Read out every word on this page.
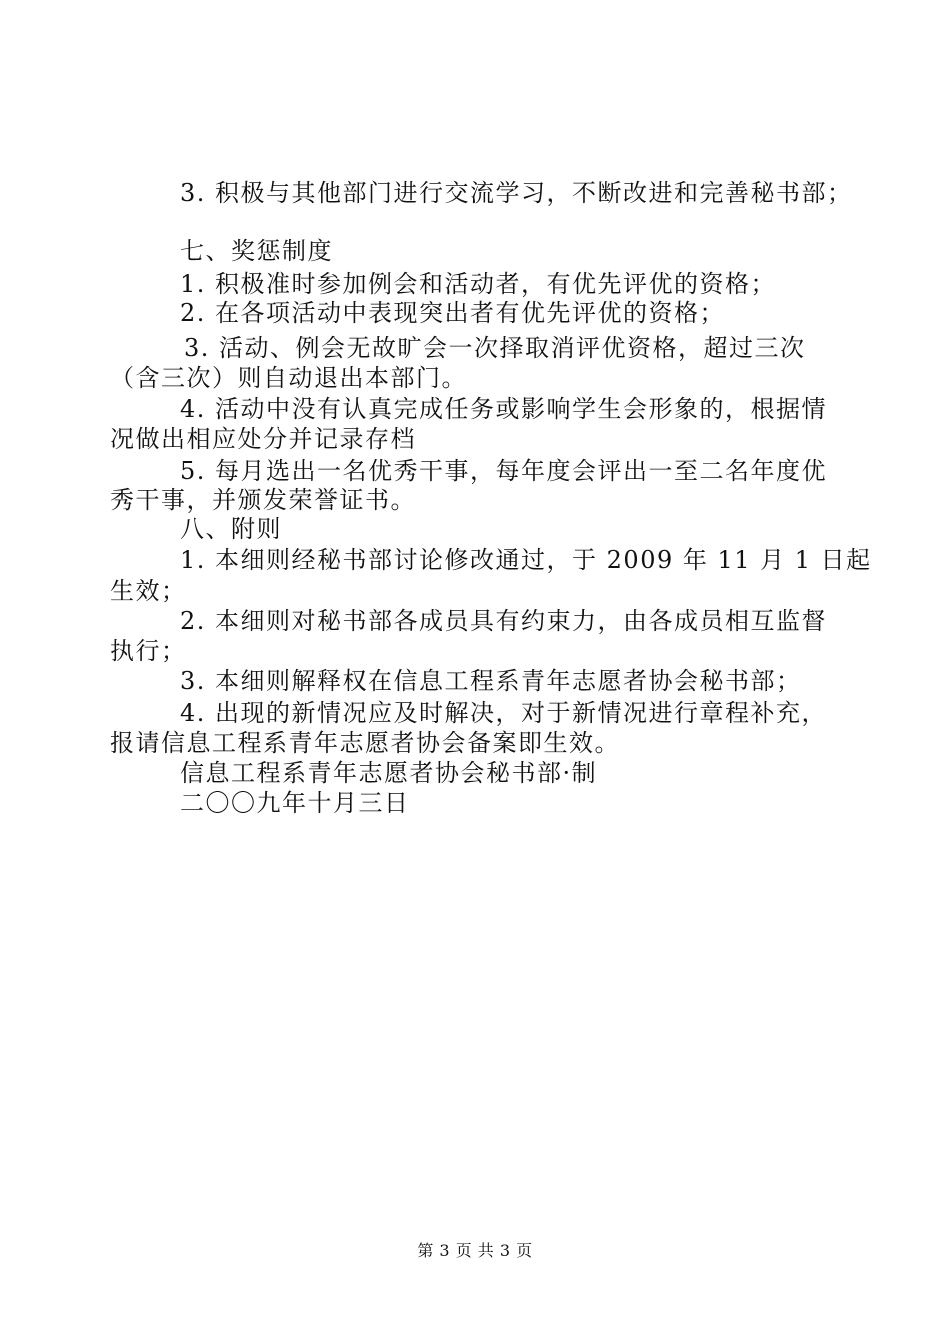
3. 积极与其他部门进行交流学习，不断改进和完善秘书部；
七、奖惩制度
1. 积极准时参加例会和活动者，有优先评优的资格；
2. 在各项活动中表现突出者有优先评优的资格；
3. 活动、例会无故旷会一次择取消评优资格，超过三次
（含三次）则自动退出本部门。
4. 活动中没有认真完成任务或影响学生会形象的，根据情
况做出相应处分并记录存档
5. 每月选出一名优秀干事，每年度会评出一至二名年度优
秀干事，并颁发荣誉证书。
八、附则
1. 本细则经秘书部讨论修改通过，于 2009 年 11 月 1 日起
生效；
2. 本细则对秘书部各成员具有约束力，由各成员相互监督
执行；
3. 本细则解释权在信息工程系青年志愿者协会秘书部；
4. 出现的新情况应及时解决，对于新情况进行章程补充，
报请信息工程系青年志愿者协会备案即生效。
信息工程系青年志愿者协会秘书部·制
二〇〇九年十月三日
第 3 页 共 3 页
